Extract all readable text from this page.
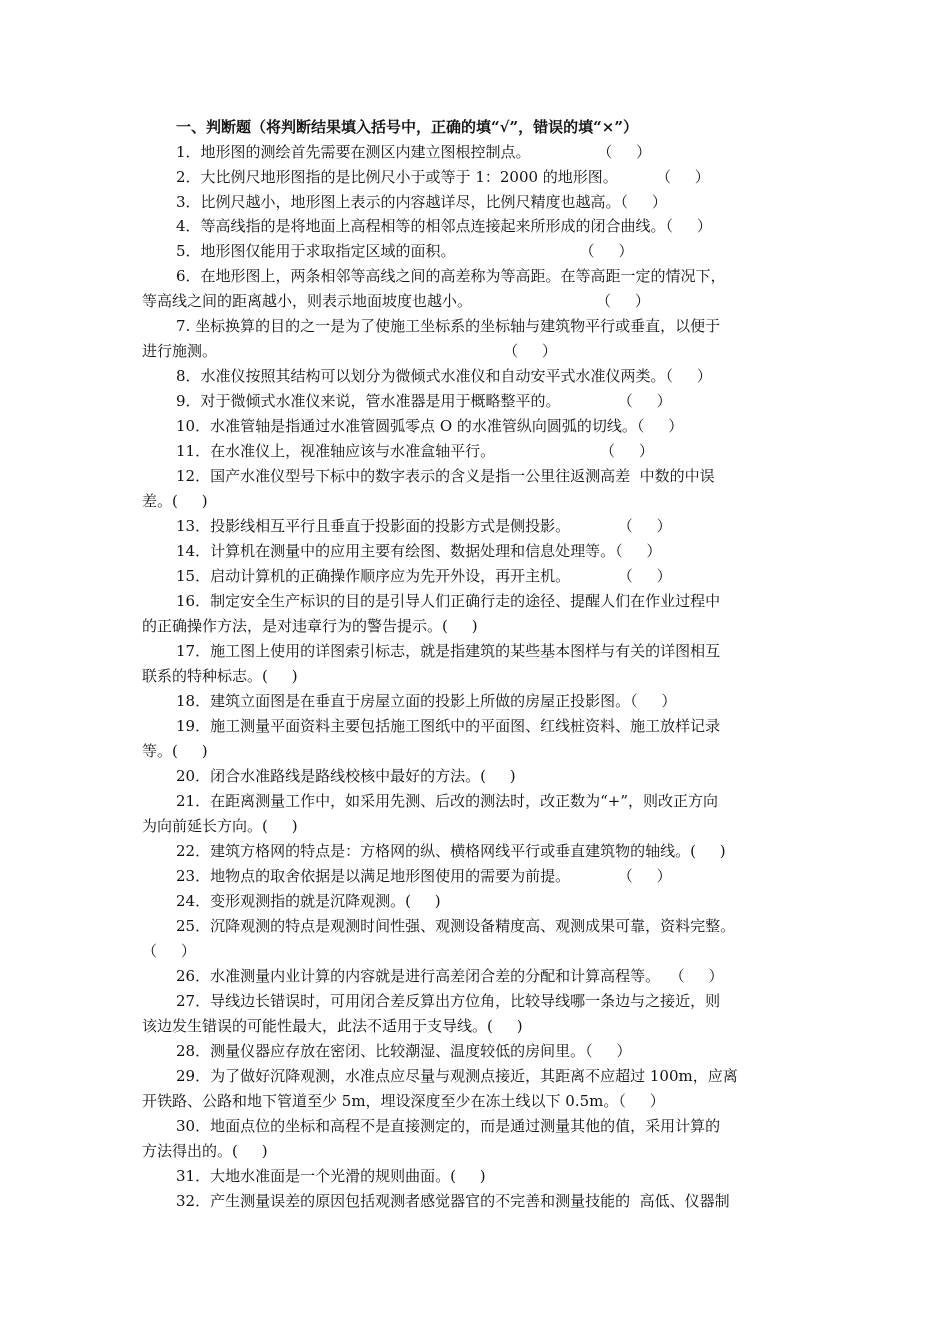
一、判断题（将判断结果填入括号中，正确的填“√”，错误的填“×”）
1．地形图的测绘首先需要在测区内建立图根控制点。              （     ）
2．大比例尺地形图指的是比例尺小于或等于 1：2000 的地形图。        （     ）
3．比例尺越小，地形图上表示的内容越详尽，比例尺精度也越高。（     ）
4．等高线指的是将地面上高程相等的相邻点连接起来所形成的闭合曲线。（     ）
5．地形图仅能用于求取指定区域的面积。                          （     ）
6．在地形图上，两条相邻等高线之间的高差称为等高距。在等高距一定的情况下，
等高线之间的距离越小，则表示地面坡度也越小。                          （     ）
7. 坐标换算的目的之一是为了使施工坐标系的坐标轴与建筑物平行或垂直，以便于
进行施测。                                                            （     ）
8．水准仪按照其结构可以划分为微倾式水准仪和自动安平式水准仪两类。（     ）
9．对于微倾式水准仪来说，管水准器是用于概略整平的。            （     ）
10．水准管轴是指通过水准管圆弧零点 O 的水准管纵向圆弧的切线。（     ）
11．在水准仪上，视准轴应该与水准盒轴平行。                      （     ）
12．国产水准仪型号下标中的数字表示的含义是指一公里往返测高差  中数的中误
差。(     )
13．投影线相互平行且垂直于投影面的投影方式是侧投影。          （     ）
14．计算机在测量中的应用主要有绘图、数据处理和信息处理等。（     ）
15．启动计算机的正确操作顺序应为先开外设，再开主机。          （     ）
16．制定安全生产标识的目的是引导人们正确行走的途径、提醒人们在作业过程中
的正确操作方法，是对违章行为的警告提示。(     )
17．施工图上使用的详图索引标志，就是指建筑的某些基本图样与有关的详图相互
联系的特种标志。(     )
18．建筑立面图是在垂直于房屋立面的投影上所做的房屋正投影图。（     ）
19．施工测量平面资料主要包括施工图纸中的平面图、红线桩资料、施工放样记录
等。(     )
20．闭合水准路线是路线校核中最好的方法。(     )
21．在距离测量工作中，如采用先测、后改的测法时，改正数为“+”，则改正方向
为向前延长方向。(     )
22．建筑方格网的特点是：方格网的纵、横格网线平行或垂直建筑物的轴线。(     )
23．地物点的取舍依据是以满足地形图使用的需要为前提。          （     ）
24．变形观测指的就是沉降观测。(     )
25．沉降观测的特点是观测时间性强、观测设备精度高、观测成果可靠，资料完整。
（     ）
26．水准测量内业计算的内容就是进行高差闭合差的分配和计算高程等。  （     ）
27．导线边长错误时，可用闭合差反算出方位角，比较导线哪一条边与之接近，则
该边发生错误的可能性最大，此法不适用于支导线。(     )
28．测量仪器应存放在密闭、比较潮湿、温度较低的房间里。（     ）
29．为了做好沉降观测，水准点应尽量与观测点接近，其距离不应超过 100m，应离
开铁路、公路和地下管道至少 5m，埋设深度至少在冻土线以下 0.5m。（     ）
30．地面点位的坐标和高程不是直接测定的，而是通过测量其他的值，采用计算的
方法得出的。(     )
31．大地水准面是一个光滑的规则曲面。(     )
32．产生测量误差的原因包括观测者感觉器官的不完善和测量技能的  高低、仪器制
